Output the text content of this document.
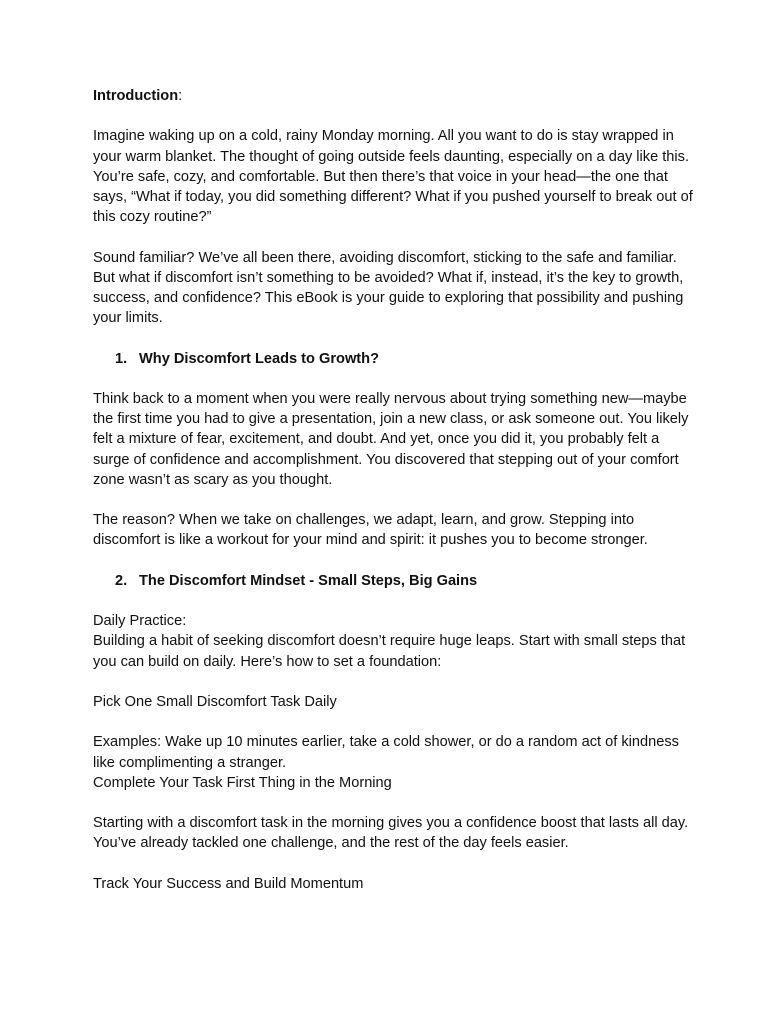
Introduction:

Imagine waking up on a cold, rainy Monday morning. All you want to do is stay wrapped in your warm blanket. The thought of going outside feels daunting, especially on a day like this. You’re safe, cozy, and comfortable. But then there’s that voice in your head—the one that says, “What if today, you did something different? What if you pushed yourself to break out of this cozy routine?”

Sound familiar? We’ve all been there, avoiding discomfort, sticking to the safe and familiar. But what if discomfort isn’t something to be avoided? What if, instead, it’s the key to growth, success, and confidence? This eBook is your guide to exploring that possibility and pushing your limits.

1. Why Discomfort Leads to Growth?

Think back to a moment when you were really nervous about trying something new—maybe the first time you had to give a presentation, join a new class, or ask someone out. You likely felt a mixture of fear, excitement, and doubt. And yet, once you did it, you probably felt a surge of confidence and accomplishment. You discovered that stepping out of your comfort zone wasn’t as scary as you thought.

The reason? When we take on challenges, we adapt, learn, and grow. Stepping into discomfort is like a workout for your mind and spirit: it pushes you to become stronger.

2. The Discomfort Mindset - Small Steps, Big Gains

Daily Practice:

Building a habit of seeking discomfort doesn’t require huge leaps. Start with small steps that you can build on daily. Here’s how to set a foundation:

Pick One Small Discomfort Task Daily

Examples: Wake up 10 minutes earlier, take a cold shower, or do a random act of kindness like complimenting a stranger.

Complete Your Task First Thing in the Morning

Starting with a discomfort task in the morning gives you a confidence boost that lasts all day. You’ve already tackled one challenge, and the rest of the day feels easier.

Track Your Success and Build Momentum
